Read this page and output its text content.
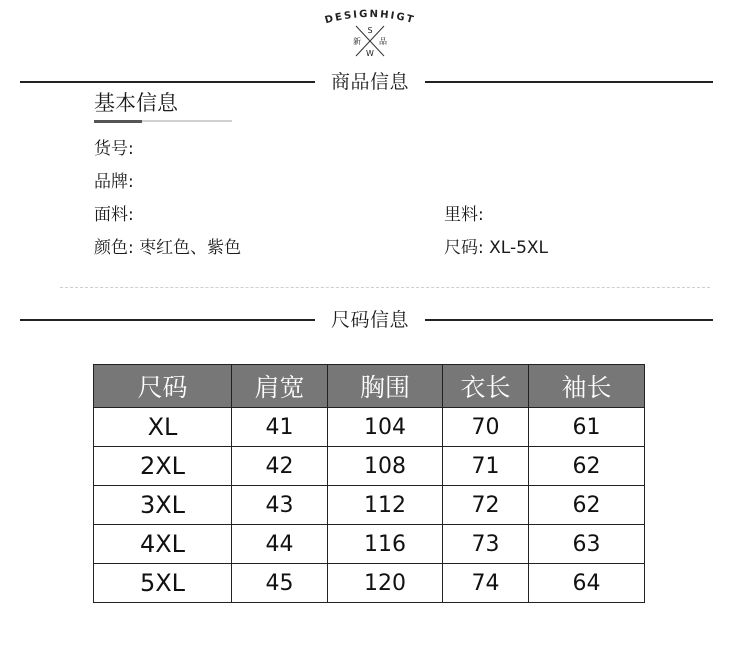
DESIGNHIGT
S
新 品
W
商品信息
基本信息
货号:
品牌:
面料:	里料:
颜色: 枣红色、紫色	尺码: XL-5XL
尺码信息
尺码	肩宽	胸围	衣长	袖长
XL	41	104	70	61
2XL	42	108	71	62
3XL	43	112	72	62
4XL	44	116	73	63
5XL	45	120	74	64
